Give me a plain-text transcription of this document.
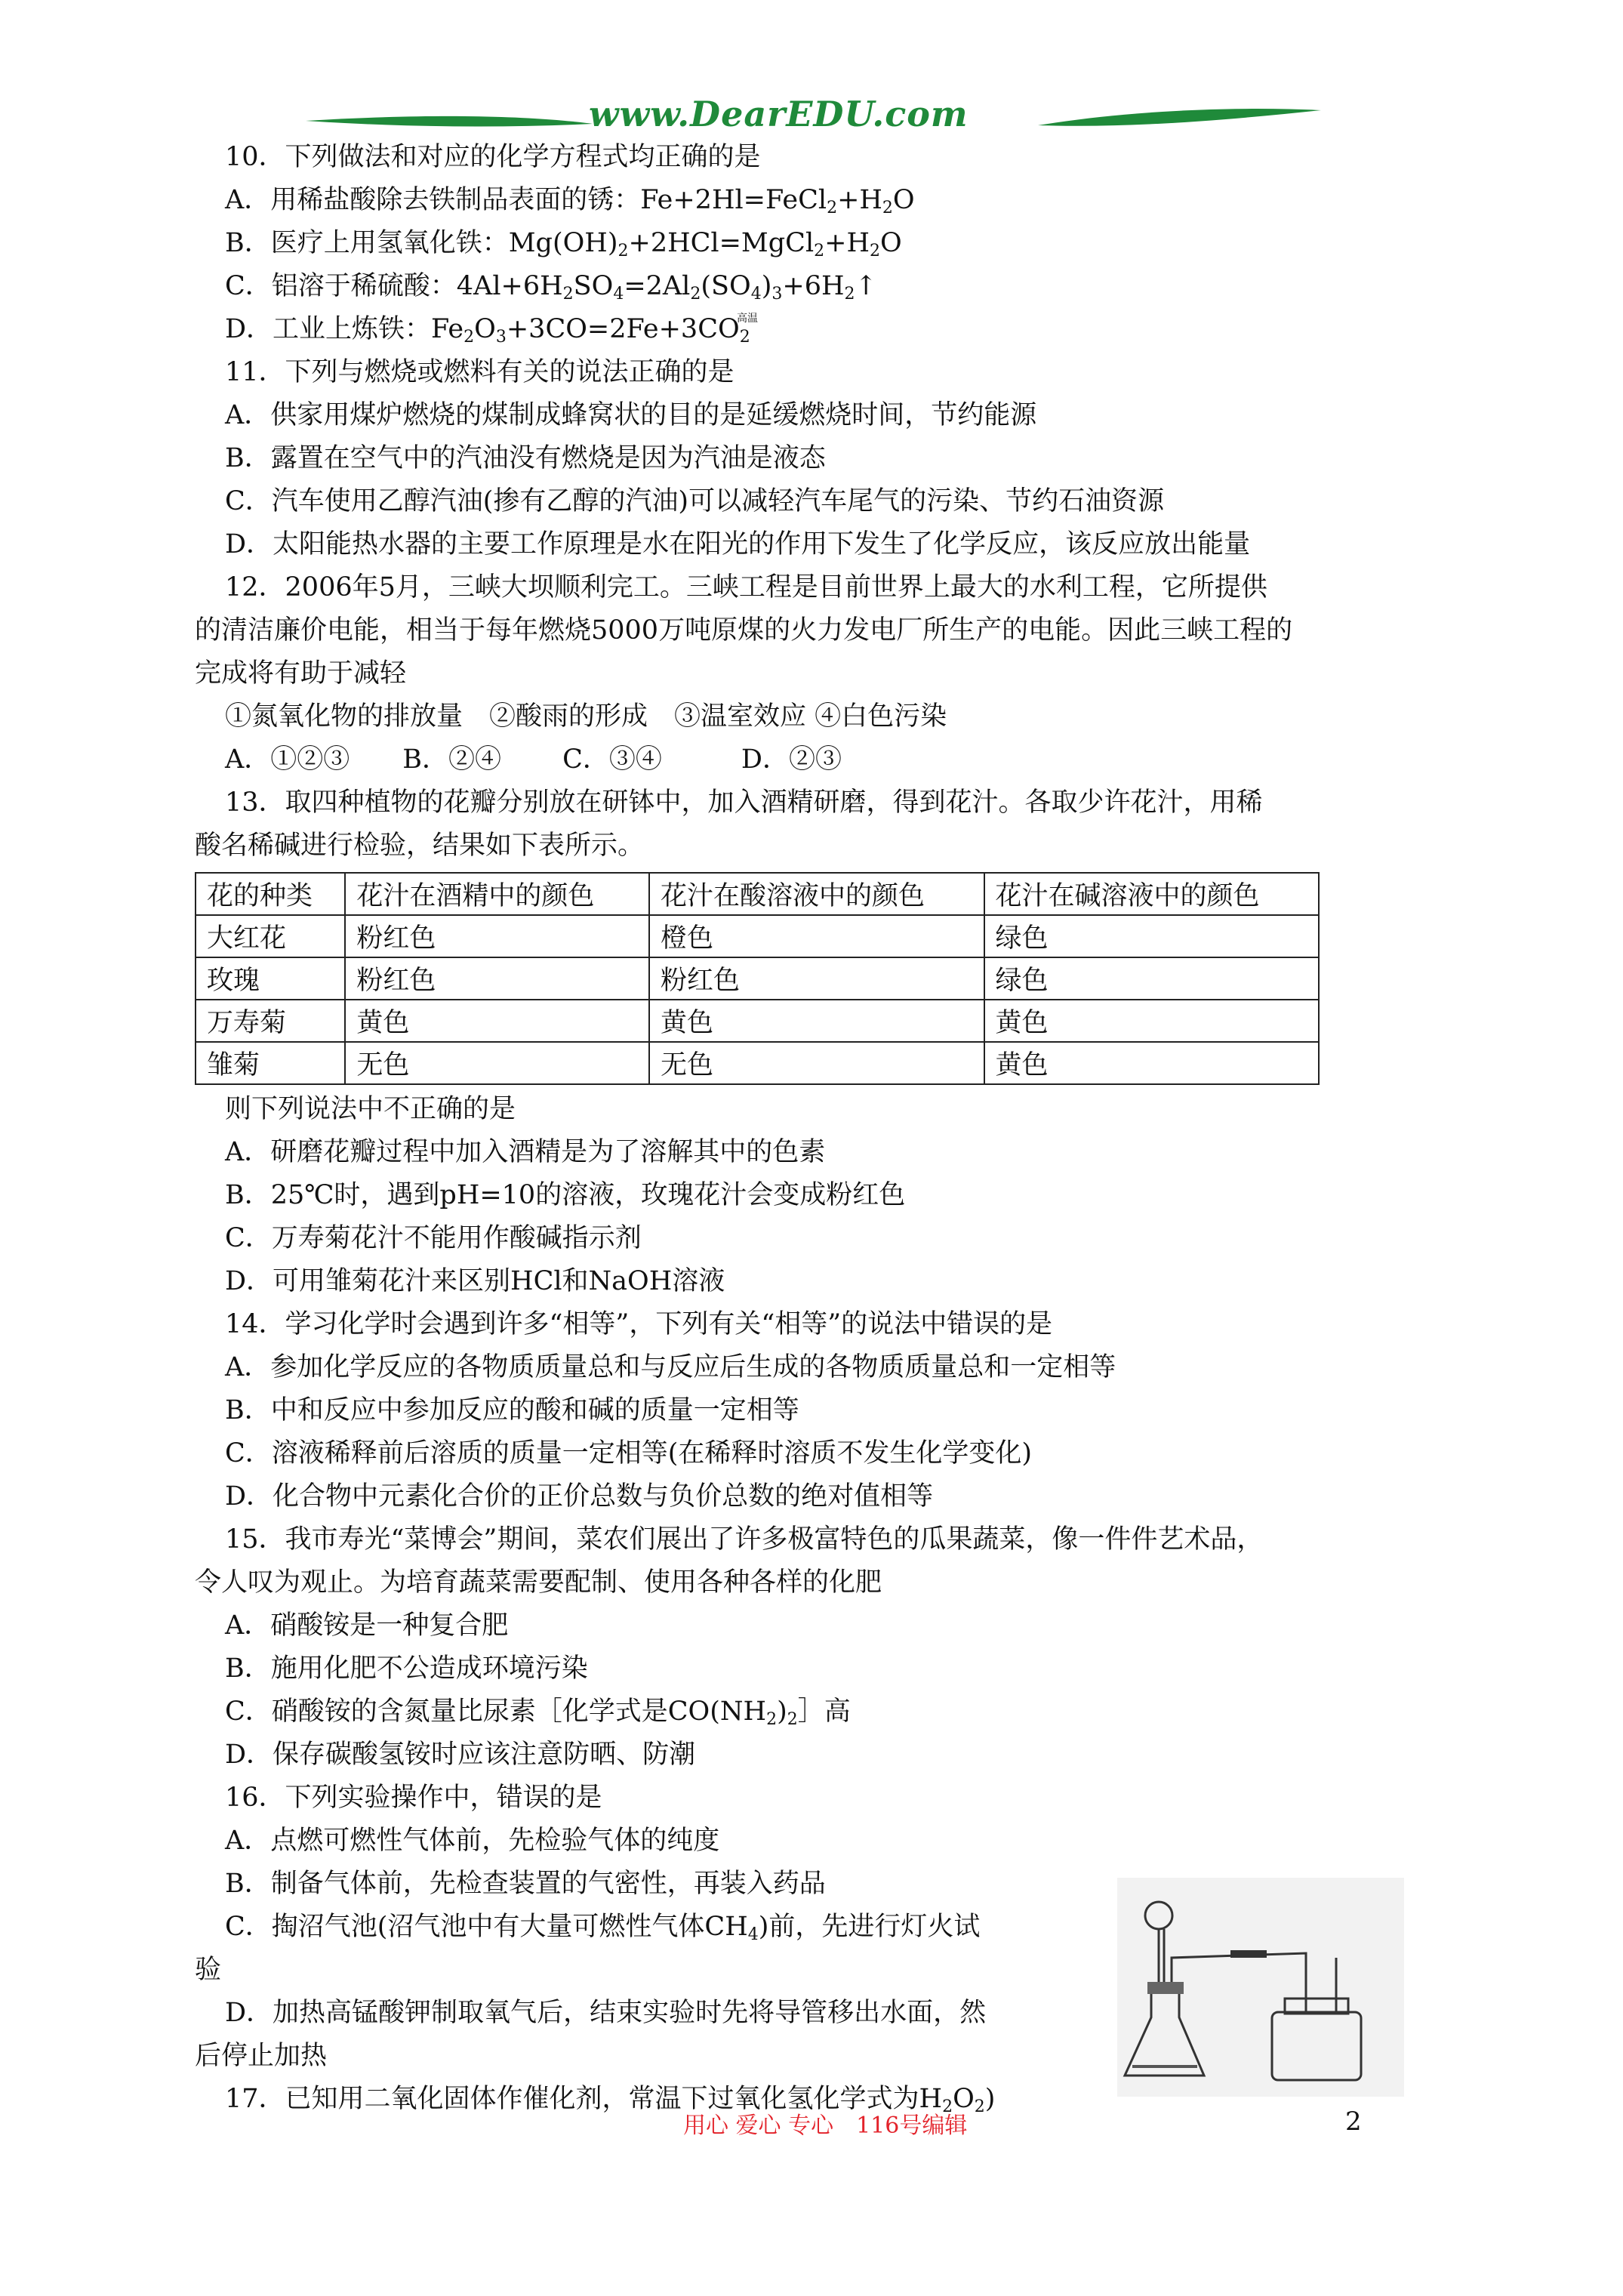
www.DearEDU.com
10．下列做法和对应的化学方程式均正确的是
A．用稀盐酸除去铁制品表面的锈：$Fe+2Hl=FeCl_2+H_2O$
B．医疗上用氢氧化铁：$Mg(OH)_2+2HCl=MgCl_2+H_2O$
C．铝溶于稀硫酸：$4Al+6H_2SO_4=2Al_2(SO_4)_3+6H_2↑$
高温
D．工业上炼铁：$Fe_2O_3+3CO=2Fe+3CO_2$
11．下列与燃烧或燃料有关的说法正确的是
A．供家用煤炉燃烧的煤制成蜂窝状的目的是延缓燃烧时间，节约能源
B．露置在空气中的汽油没有燃烧是因为汽油是液态
C．汽车使用乙醇汽油(掺有乙醇的汽油)可以减轻汽车尾气的污染、节约石油资源
D．太阳能热水器的主要工作原理是水在阳光的作用下发生了化学反应，该反应放出能量
12．2006年5月，三峡大坝顺利完工。三峡工程是目前世界上最大的水利工程，它所提供
的清洁廉价电能，相当于每年燃烧5000万吨原煤的火力发电厂所生产的电能。因此三峡工程的
完成将有助于减轻
①氮氧化物的排放量　②酸雨的形成　③温室效应 ④白色污染
A．①②③　　B．②④　　 C．③④　　　D．②③
13．取四种植物的花瓣分别放在研钵中，加入酒精研磨，得到花汁。各取少许花汁，用稀
酸名稀碱进行检验，结果如下表所示。
花的种类	花汁在酒精中的颜色	花汁在酸溶液中的颜色	花汁在碱溶液中的颜色
大红花	粉红色	橙色	绿色
玫瑰	粉红色	粉红色	绿色
万寿菊	黄色	黄色	黄色
雏菊	无色	无色	黄色
则下列说法中不正确的是
A．研磨花瓣过程中加入酒精是为了溶解其中的色素
B．25℃时，遇到pH=10的溶液，玫瑰花汁会变成粉红色
C．万寿菊花汁不能用作酸碱指示剂
D．可用雏菊花汁来区别HCl和NaOH溶液
14．学习化学时会遇到许多“相等”，下列有关“相等”的说法中错误的是
A．参加化学反应的各物质质量总和与反应后生成的各物质质量总和一定相等
B．中和反应中参加反应的酸和碱的质量一定相等
C．溶液稀释前后溶质的质量一定相等(在稀释时溶质不发生化学变化)
D．化合物中元素化合价的正价总数与负价总数的绝对值相等
15．我市寿光“菜博会”期间，菜农们展出了许多极富特色的瓜果蔬菜，像一件件艺术品，
令人叹为观止。为培育蔬菜需要配制、使用各种各样的化肥
A．硝酸铵是一种复合肥
B．施用化肥不公造成环境污染
C．硝酸铵的含氮量比尿素［化学式是$CO(NH_2)_2]$高
D．保存碳酸氢铵时应该注意防晒、防潮
16．下列实验操作中，错误的是
A．点燃可燃性气体前，先检验气体的纯度
B．制备气体前，先检查装置的气密性，再装入药品
C．掏沼气池(沼气池中有大量可燃性气体$CH_4$)前，先进行灯火试
验
D．加热高锰酸钾制取氧气后，结束实验时先将导管移出水面，然
后停止加热
17．已知用二氧化固体作催化剂，常温下过氧化氢化学式为$H_2O_2$)
用心 爱心 专心　116号编辑	2
